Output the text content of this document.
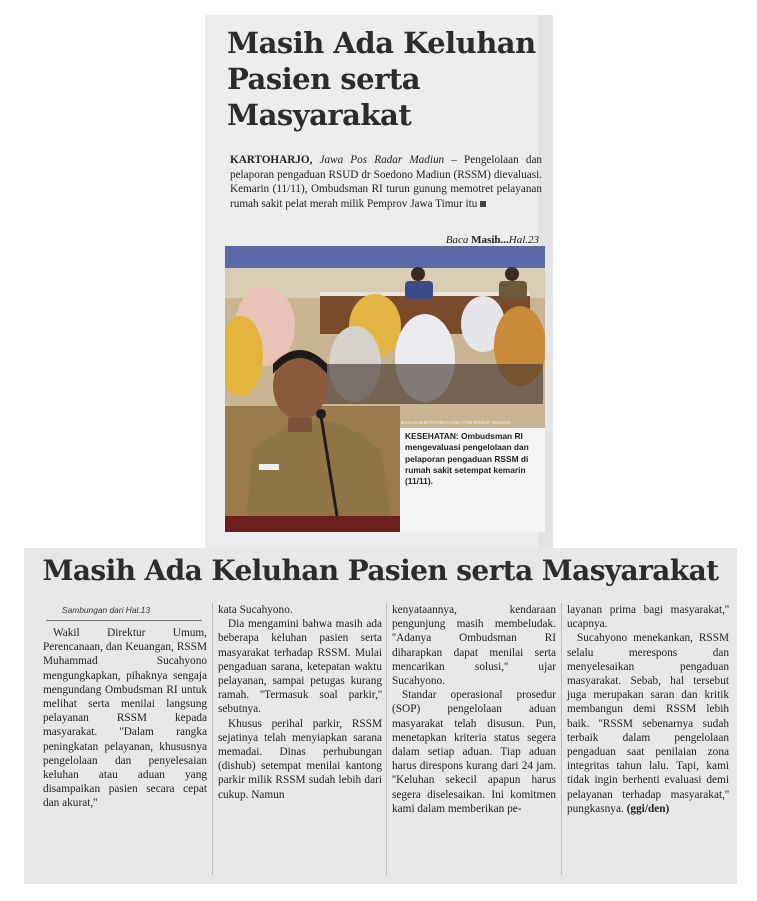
Masih Ada Keluhan Pasien serta Masyarakat

KARTOHARJO, Jawa Pos Radar Madiun – Pengelolaan dan pelaporan pengaduan RSUD dr Soedono Madiun (RSSM) dievaluasi. Kemarin (11/11), Ombudsman RI turun gunung memotret pelayanan rumah sakit pelat merah milik Pemprov Jawa Timur itu

Baca Masih...Hal.23
BAGAS BIMANTARA/JAWA POS RADAR MADIUN

KESEHATAN: Ombudsman RI mengevaluasi pengelolaan dan pelaporan pengaduan RSSM di rumah sakit setempat kemarin (11/11).

Masih Ada Keluhan Pasien serta Masyarakat
Sambungan dari Hal.13

Wakil Direktur Umum, Perencanaan, dan Keuangan, RSSM Muhammad Sucahyono mengungkapkan, pihaknya sengaja mengundang Ombudsman RI untuk melihat serta menilai langsung pelayanan RSSM kepada masyarakat. ''Dalam rangka peningkatan pelayanan, khususnya pengelolaan dan penyelesaian keluhan atau aduan yang disampaikan pasien secara cepat dan akurat,''

kata Sucahyono.

Dia mengamini bahwa masih ada beberapa keluhan pasien serta masyarakat terhadap RSSM. Mulai pengaduan sarana, ketepatan waktu pelayanan, sampai petugas kurang ramah. ''Termasuk soal parkir,'' sebutnya.

Khusus perihal parkir, RSSM sejatinya telah menyiapkan sarana memadai. Dinas perhubungan (dishub) setempat menilai kantong parkir milik RSSM sudah lebih dari cukup. Namun

kenyataannya, kendaraan pengunjung masih membeludak. ''Adanya Ombudsman RI diharapkan dapat menilai serta mencarikan solusi,'' ujar Sucahyono.

Standar operasional prosedur (SOP) pengelolaan aduan masyarakat telah disusun. Pun, menetapkan kriteria status segera dalam setiap aduan. Tiap aduan harus direspons kurang dari 24 jam. ''Keluhan sekecil apapun harus segera diselesaikan. Ini komitmen kami dalam memberikan pe-

layanan prima bagi masyarakat,'' ucapnya.

Sucahyono menekankan, RSSM selalu merespons dan menyelesaikan pengaduan masyarakat. Sebab, hal tersebut juga merupakan saran dan kritik membangun demi RSSM lebih baik. ''RSSM sebenarnya sudah terbaik dalam pengelolaan pengaduan saat penilaian zona integritas tahun lalu. Tapi, kami tidak ingin berhenti evaluasi demi pelayanan terhadap masyarakat,'' pungkasnya. (ggi/den)
